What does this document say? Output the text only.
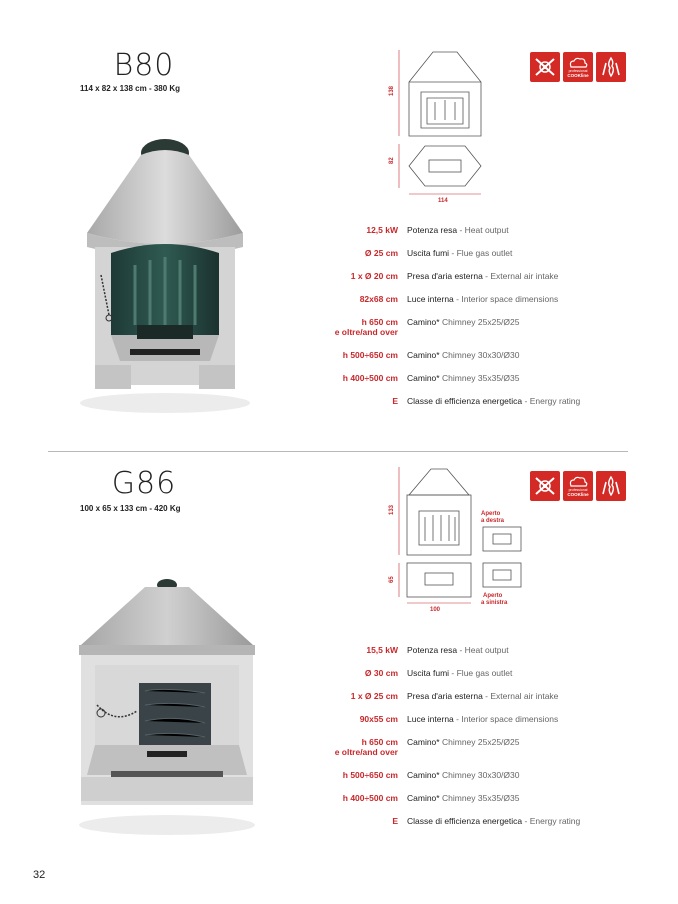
B80
114 x 82 x 138 cm - 380 Kg	138
82
114
professional
COOKline
12,5 kW Potenza resa - Heat output
Ø 25 cm Uscita fumi - Flue gas outlet
1 x Ø 20 cm Presa d'aria esterna - External air intake
82x68 cm Luce interna - Interior space dimensions
h 650 cm
e oltre/and over
Camino* Chimney 25x25/Ø25
h 500÷650 cm Camino* Chimney 30x30/Ø30
h 400÷500 cm Camino* Chimney 35x35/Ø35
E Classe di efficienza energetica - Energy rating
G86
100 x 65 x 133 cm - 420 Kg	133
65
100
Aperto
a destra
Aperto
a sinistra
professional
COOKline
15,5 kW Potenza resa - Heat output
Ø 30 cm Uscita fumi - Flue gas outlet
1 x Ø 25 cm Presa d'aria esterna - External air intake
90x55 cm Luce interna - Interior space dimensions
h 650 cm
e oltre/and over
Camino* Chimney 25x25/Ø25
h 500÷650 cm Camino* Chimney 30x30/Ø30
h 400÷500 cm Camino* Chimney 35x35/Ø35
E Classe di efficienza energetica - Energy rating
32
